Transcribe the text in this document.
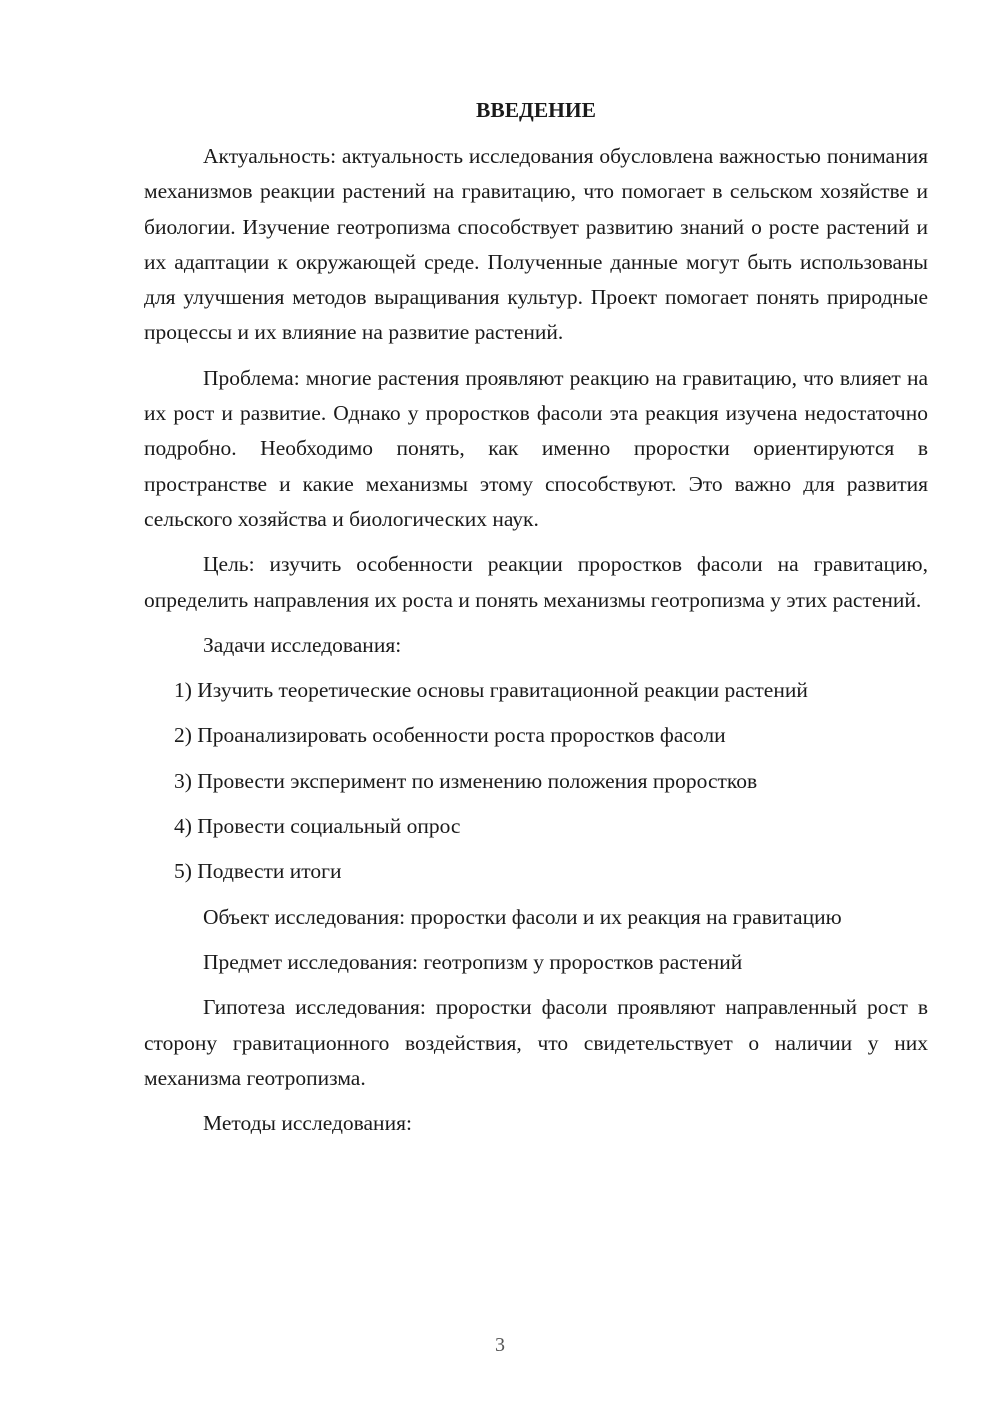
ВВЕДЕНИЕ

Актуальность: актуальность исследования обусловлена важностью понимания механизмов реакции растений на гравитацию, что помогает в сельском хозяйстве и биологии. Изучение геотропизма способствует развитию знаний о росте растений и их адаптации к окружающей среде. Полученные данные могут быть использованы для улучшения методов выращивания культур. Проект помогает понять природные процессы и их влияние на развитие растений.

Проблема: многие растения проявляют реакцию на гравитацию, что влияет на их рост и развитие. Однако у проростков фасоли эта реакция изучена недостаточно подробно. Необходимо понять, как именно проростки ориентируются в пространстве и какие механизмы этому способствуют. Это важно для развития сельского хозяйства и биологических наук.

Цель: изучить особенности реакции проростков фасоли на гравитацию, определить направления их роста и понять механизмы геотропизма у этих растений.

Задачи исследования:

1) Изучить теоретические основы гравитационной реакции растений
2) Проанализировать особенности роста проростков фасоли
3) Провести эксперимент по изменению положения проростков
4) Провести социальный опрос
5) Подвести итоги

Объект исследования: проростки фасоли и их реакция на гравитацию

Предмет исследования: геотропизм у проростков растений

Гипотеза исследования: проростки фасоли проявляют направленный рост в сторону гравитационного воздействия, что свидетельствует о наличии у них механизма геотропизма.

Методы исследования:

3
